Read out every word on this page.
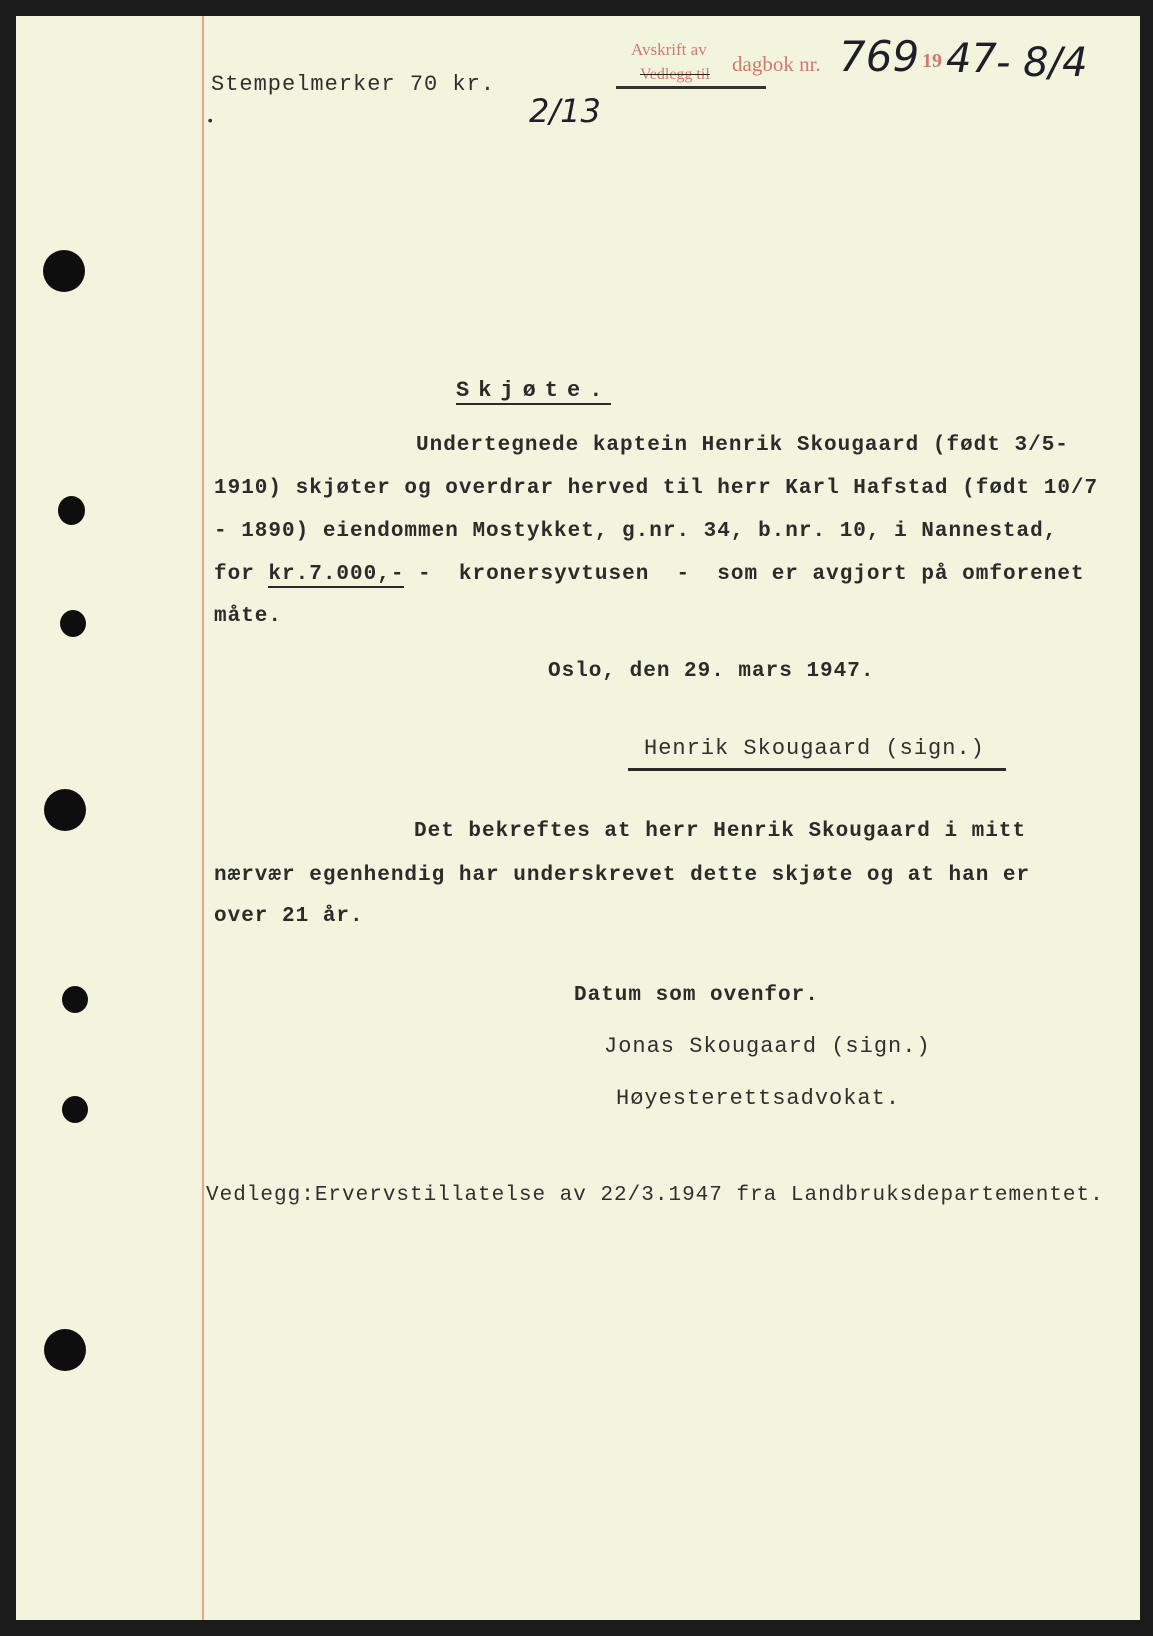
Stempelmerker 70 kr.
•	2/13
Avskrift av
Vedlegg til dagbok nr. 769 19 47 - 8/4
Skjøte.
Undertegnede kaptein Henrik Skougaard (født 3/5-
1910) skjøter og overdrar herved til herr Karl Hafstad (født 10/7
- 1890) eiendommen Mostykket, g.nr. 34, b.nr. 10, i Nannestad,
for kr.7.000,- -  kronersyvtusen  -  som er avgjort på omforenet
måte.
Oslo, den 29. mars 1947.
Henrik Skougaard (sign.)
Det bekreftes at herr Henrik Skougaard i mitt
nærvær egenhendig har underskrevet dette skjøte og at han er
over 21 år.
Datum som ovenfor.
Jonas Skougaard (sign.)
Høyesterettsadvokat.
Vedlegg:Ervervstillatelse av 22/3.1947 fra Landbruksdepartementet.
